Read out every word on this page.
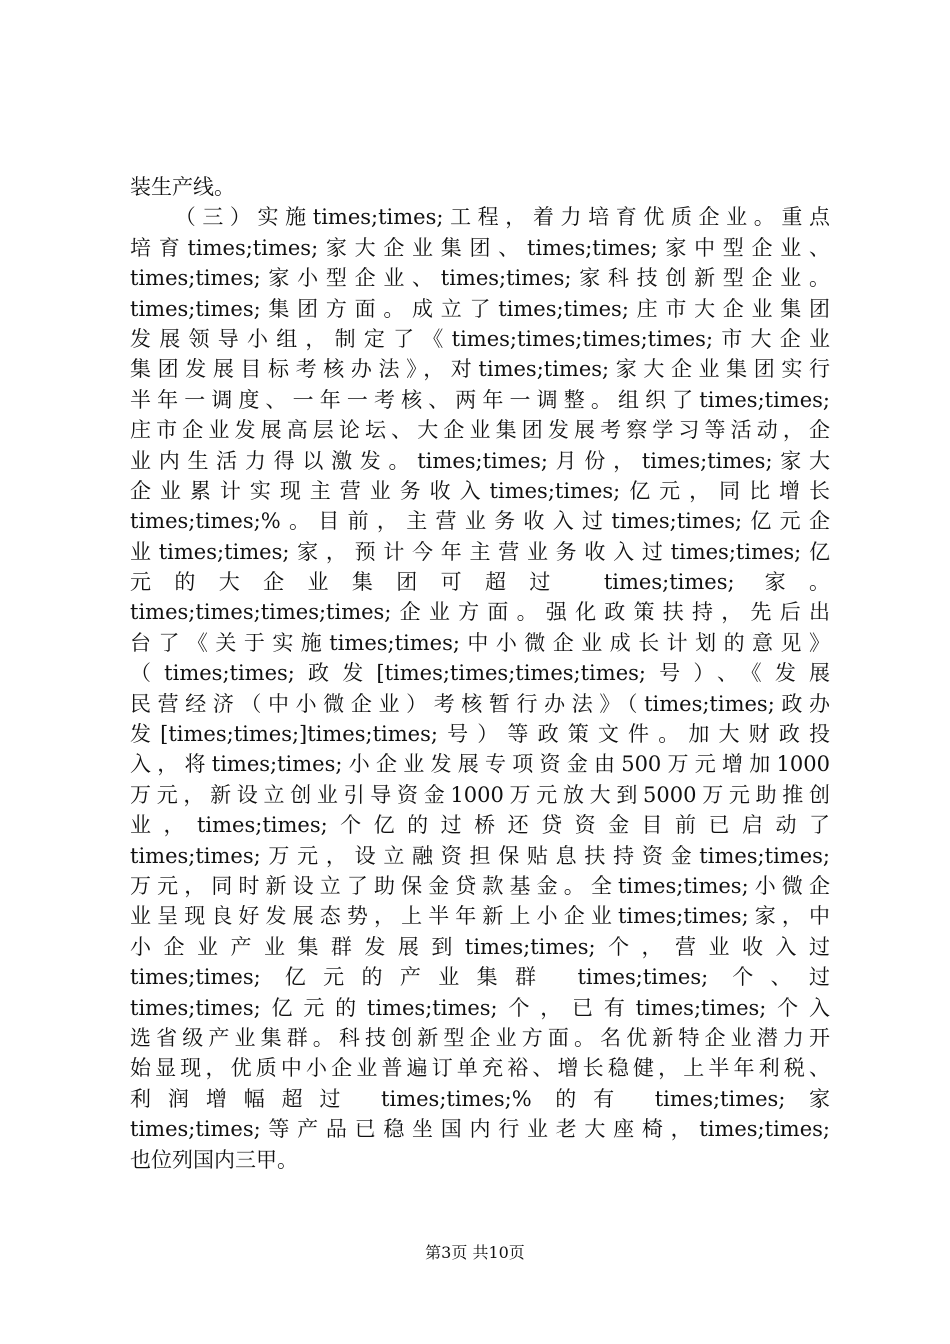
装生产线。
　　（三）实施times;times;工程，着力培育优质企业。重点
培育times;times;家大企业集团、times;times;家中型企业、
times;times;家小型企业、times;times;家科技创新型企业。
times;times;集团方面。成立了times;times;庄市大企业集团
发展领导小组，制定了《times;times;times;times;市大企业
集团发展目标考核办法》，对times;times;家大企业集团实行
半年一调度、一年一考核、两年一调整。组织了times;times;
庄市企业发展高层论坛、大企业集团发展考察学习等活动，企
业内生活力得以激发。times;times;月份，times;times;家大
企业累计实现主营业务收入times;times;亿元，同比增长
times;times;%。目前，主营业务收入过times;times;亿元企
业times;times;家，预计今年主营业务收入过times;times;亿
元的大企业集团可超过 times;times; 家。
times;times;times;times;企业方面。强化政策扶持，先后出
台了《关于实施times;times;中小微企业成长计划的意见》
（times;times;政发[times;times;times;times;号）、《发展
民营经济（中小微企业）考核暂行办法》（times;times;政办
发[times;times;]times;times;号）等政策文件。加大财政投
入，将times;times;小企业发展专项资金由500万元增加1000
万元，新设立创业引导资金1000万元放大到5000万元助推创
业，times;times;个亿的过桥还贷资金目前已启动了
times;times;万元，设立融资担保贴息扶持资金times;times;
万元，同时新设立了助保金贷款基金。全times;times;小微企
业呈现良好发展态势，上半年新上小企业times;times;家，中
小企业产业集群发展到times;times;个，营业收入过
times;times; 亿元的产业集群 times;times; 个、过
times;times;亿元的times;times;个，已有times;times;个入
选省级产业集群。科技创新型企业方面。名优新特企业潜力开
始显现，优质中小企业普遍订单充裕、增长稳健，上半年利税、
利润增幅超过 times;times;% 的有 times;times; 家
times;times;等产品已稳坐国内行业老大座椅，times;times;
也位列国内三甲。
第3页 共10页
